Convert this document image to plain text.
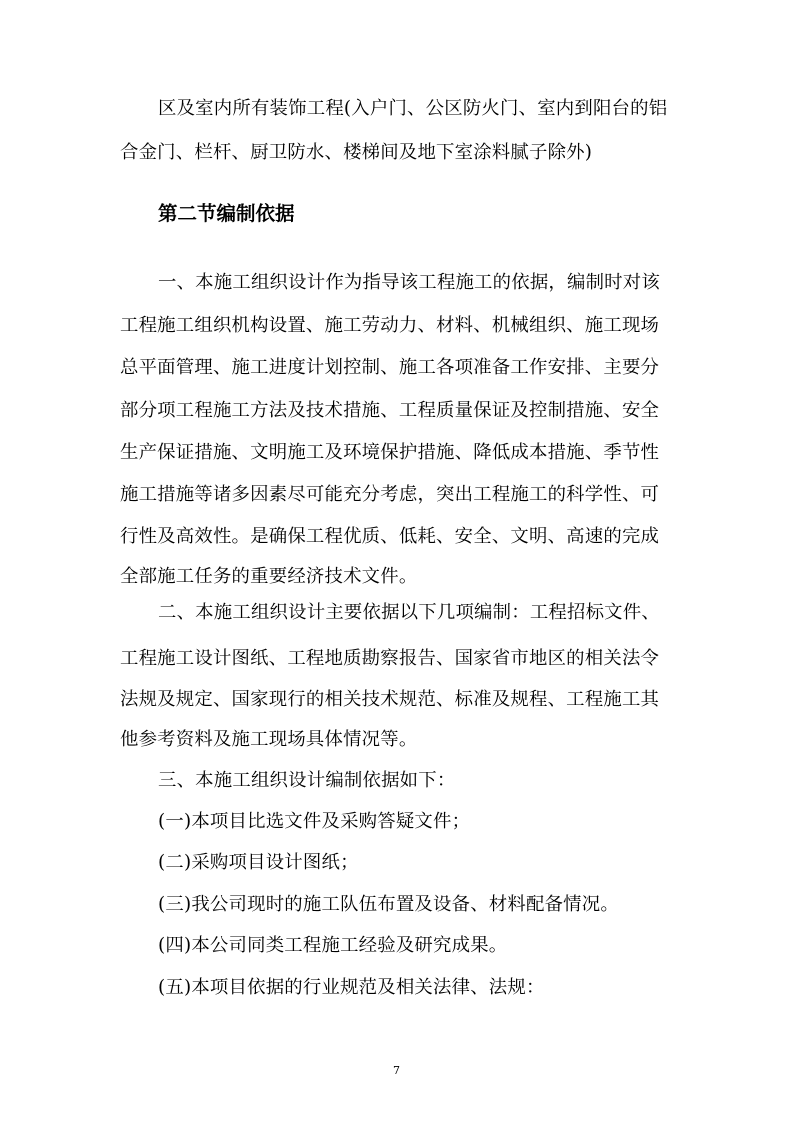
区及室内所有装饰工程(入户门、公区防火门、室内到阳台的铝
合金门、栏杆、厨卫防水、楼梯间及地下室涂料腻子除外)
第二节编制依据
一、本施工组织设计作为指导该工程施工的依据，编制时对该
工程施工组织机构设置、施工劳动力、材料、机械组织、施工现场
总平面管理、施工进度计划控制、施工各项准备工作安排、主要分
部分项工程施工方法及技术措施、工程质量保证及控制措施、安全
生产保证措施、文明施工及环境保护措施、降低成本措施、季节性
施工措施等诸多因素尽可能充分考虑，突出工程施工的科学性、可
行性及高效性。是确保工程优质、低耗、安全、文明、高速的完成
全部施工任务的重要经济技术文件。
二、本施工组织设计主要依据以下几项编制：工程招标文件、
工程施工设计图纸、工程地质勘察报告、国家省市地区的相关法令
法规及规定、国家现行的相关技术规范、标准及规程、工程施工其
他参考资料及施工现场具体情况等。
三、本施工组织设计编制依据如下：
(一)本项目比选文件及采购答疑文件；
(二)采购项目设计图纸；
(三)我公司现时的施工队伍布置及设备、材料配备情况。
(四)本公司同类工程施工经验及研究成果。
(五)本项目依据的行业规范及相关法律、法规：
7
